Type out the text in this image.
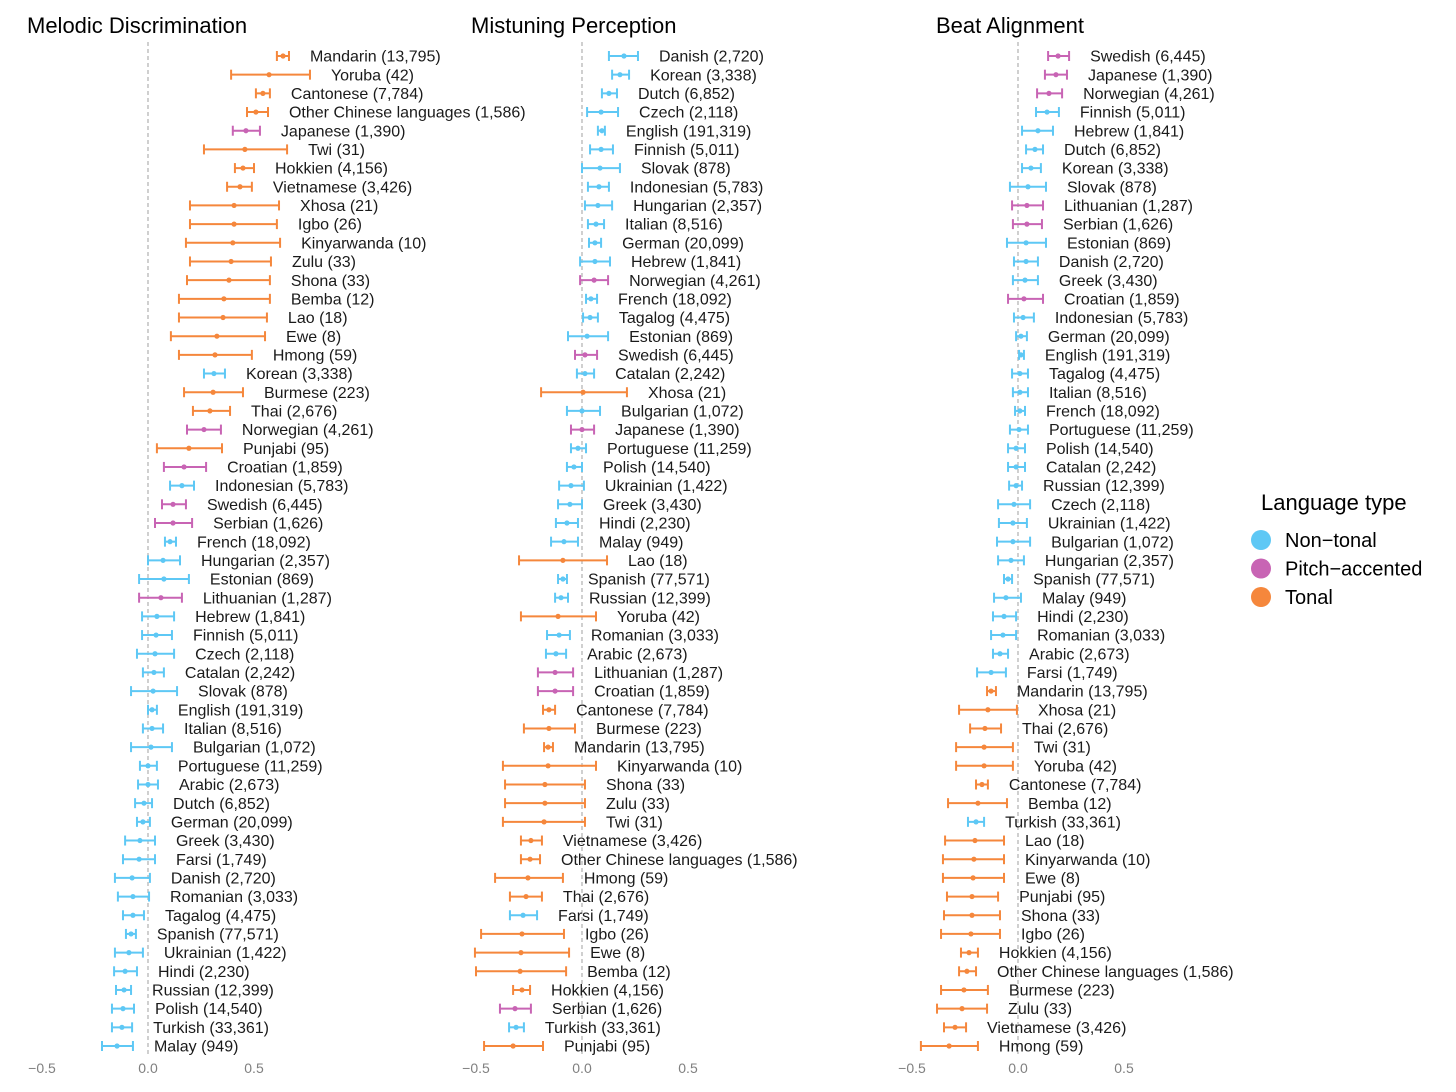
Melodic Discrimination
−0.5	0.0	0.5
Mandarin (13,795)
Yoruba (42)
Cantonese (7,784)
Other Chinese languages (1,586)
Japanese (1,390)
Twi (31)
Hokkien (4,156)
Vietnamese (3,426)
Xhosa (21)
Igbo (26)
Kinyarwanda (10)
Zulu (33)
Shona (33)
Bemba (12)
Lao (18)
Ewe (8)
Hmong (59)
Korean (3,338)
Burmese (223)
Thai (2,676)
Norwegian (4,261)
Punjabi (95)
Croatian (1,859)
Indonesian (5,783)
Swedish (6,445)
Serbian (1,626)
French (18,092)
Hungarian (2,357)
Estonian (869)
Lithuanian (1,287)
Hebrew (1,841)
Finnish (5,011)
Czech (2,118)
Catalan (2,242)
Slovak (878)
English (191,319)
Italian (8,516)
Bulgarian (1,072)
Portuguese (11,259)
Arabic (2,673)
Dutch (6,852)
German (20,099)
Greek (3,430)
Farsi (1,749)
Danish (2,720)
Romanian (3,033)
Tagalog (4,475)
Spanish (77,571)
Ukrainian (1,422)
Hindi (2,230)
Russian (12,399)
Polish (14,540)
Turkish (33,361)
Malay (949)
Mistuning Perception
−0.5	0.0	0.5
Danish (2,720)
Korean (3,338)
Dutch (6,852)
Czech (2,118)
English (191,319)
Finnish (5,011)
Slovak (878)
Indonesian (5,783)
Hungarian (2,357)
Italian (8,516)
German (20,099)
Hebrew (1,841)
Norwegian (4,261)
French (18,092)
Tagalog (4,475)
Estonian (869)
Swedish (6,445)
Catalan (2,242)
Xhosa (21)
Bulgarian (1,072)
Japanese (1,390)
Portuguese (11,259)
Polish (14,540)
Ukrainian (1,422)
Greek (3,430)
Hindi (2,230)
Malay (949)
Lao (18)
Spanish (77,571)
Russian (12,399)
Yoruba (42)
Romanian (3,033)
Arabic (2,673)
Lithuanian (1,287)
Croatian (1,859)
Cantonese (7,784)
Burmese (223)
Mandarin (13,795)
Kinyarwanda (10)
Shona (33)
Zulu (33)
Twi (31)
Vietnamese (3,426)
Other Chinese languages (1,586)
Hmong (59)
Thai (2,676)
Farsi (1,749)
Igbo (26)
Ewe (8)
Bemba (12)
Hokkien (4,156)
Serbian (1,626)
Turkish (33,361)
Punjabi (95)
Beat Alignment
−0.5	0.0	0.5
Swedish (6,445)
Japanese (1,390)
Norwegian (4,261)
Finnish (5,011)
Hebrew (1,841)
Dutch (6,852)
Korean (3,338)
Slovak (878)
Lithuanian (1,287)
Serbian (1,626)
Estonian (869)
Danish (2,720)
Greek (3,430)
Croatian (1,859)
Indonesian (5,783)
German (20,099)
English (191,319)
Tagalog (4,475)
Italian (8,516)
French (18,092)
Portuguese (11,259)
Polish (14,540)
Catalan (2,242)
Russian (12,399)
Czech (2,118)
Ukrainian (1,422)
Bulgarian (1,072)
Hungarian (2,357)
Spanish (77,571)
Malay (949)
Hindi (2,230)
Romanian (3,033)
Arabic (2,673)
Farsi (1,749)
Mandarin (13,795)
Xhosa (21)
Thai (2,676)
Twi (31)
Yoruba (42)
Cantonese (7,784)
Bemba (12)
Turkish (33,361)
Lao (18)
Kinyarwanda (10)
Ewe (8)
Punjabi (95)
Shona (33)
Igbo (26)
Hokkien (4,156)
Other Chinese languages (1,586)
Burmese (223)
Zulu (33)
Vietnamese (3,426)
Hmong (59)
Language type
Non−tonal
Pitch−accented
Tonal
